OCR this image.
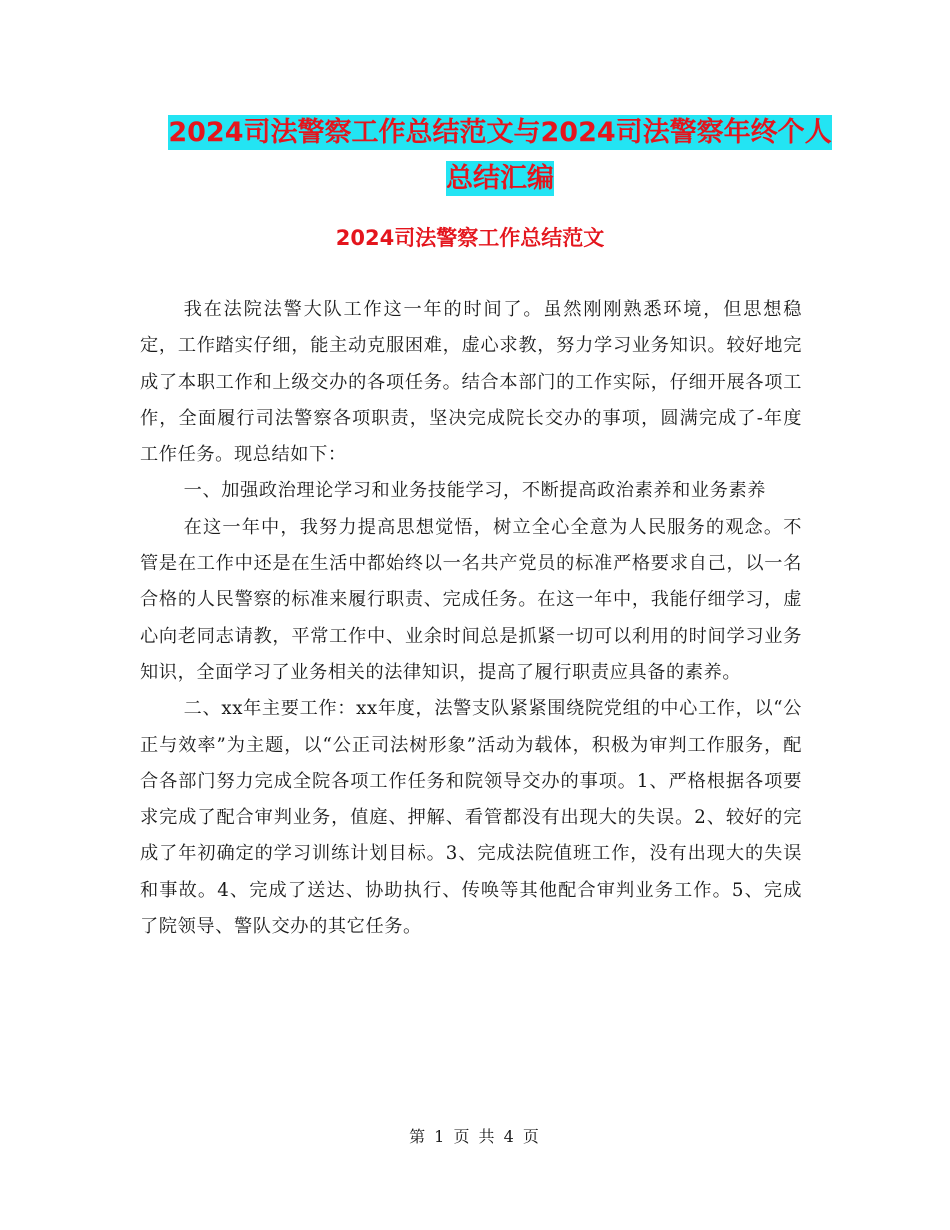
2024司法警察工作总结范文与2024司法警察年终个人
总结汇编
2024司法警察工作总结范文

我在法院法警大队工作这一年的时间了。虽然刚刚熟悉环境，但思想稳定，工作踏实仔细，能主动克服困难，虚心求教，努力学习业务知识。较好地完成了本职工作和上级交办的各项任务。结合本部门的工作实际，仔细开展各项工作，全面履行司法警察各项职责，坚决完成院长交办的事项，圆满完成了-年度工作任务。现总结如下：

一、加强政治理论学习和业务技能学习，不断提高政治素养和业务素养

在这一年中，我努力提高思想觉悟，树立全心全意为人民服务的观念。不管是在工作中还是在生活中都始终以一名共产党员的标准严格要求自己，以一名合格的人民警察的标准来履行职责、完成任务。在这一年中，我能仔细学习，虚心向老同志请教，平常工作中、业余时间总是抓紧一切可以利用的时间学习业务知识，全面学习了业务相关的法律知识，提高了履行职责应具备的素养。

二、xx年主要工作：xx年度，法警支队紧紧围绕院党组的中心工作，以“公正与效率”为主题，以“公正司法树形象”活动为载体，积极为审判工作服务，配合各部门努力完成全院各项工作任务和院领导交办的事项。1、严格根据各项要求完成了配合审判业务，值庭、押解、看管都没有出现大的失误。2、较好的完成了年初确定的学习训练计划目标。3、完成法院值班工作，没有出现大的失误和事故。4、完成了送达、协助执行、传唤等其他配合审判业务工作。5、完成了院领导、警队交办的其它任务。

第 1 页 共 4 页
